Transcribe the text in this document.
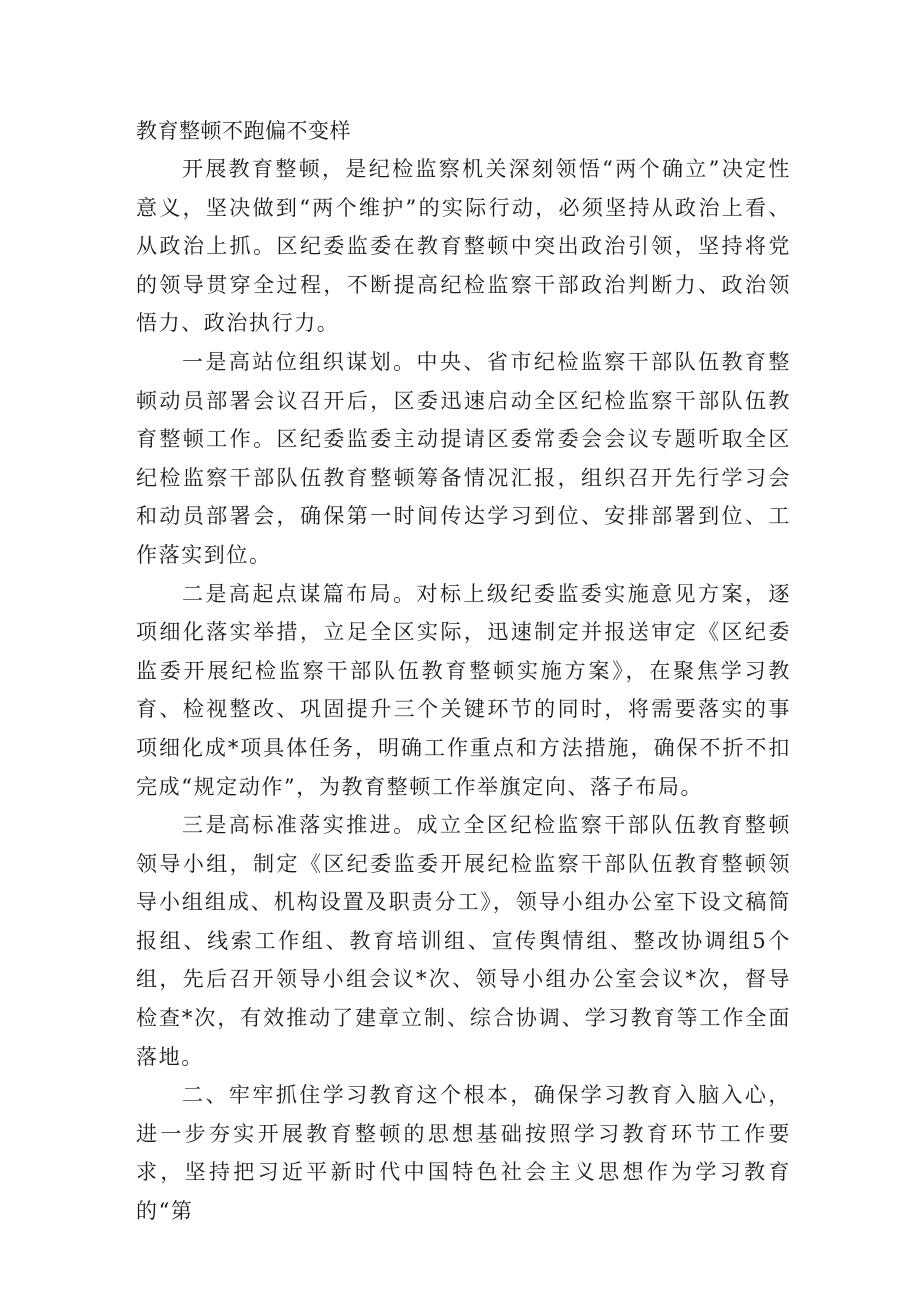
教育整顿不跑偏不变样

开展教育整顿，是纪检监察机关深刻领悟“两个确立”决定性意义，坚决做到“两个维护”的实际行动，必须坚持从政治上看、从政治上抓。区纪委监委在教育整顿中突出政治引领，坚持将党的领导贯穿全过程，不断提高纪检监察干部政治判断力、政治领悟力、政治执行力。

一是高站位组织谋划。中央、省市纪检监察干部队伍教育整顿动员部署会议召开后，区委迅速启动全区纪检监察干部队伍教育整顿工作。区纪委监委主动提请区委常委会会议专题听取全区纪检监察干部队伍教育整顿筹备情况汇报，组织召开先行学习会和动员部署会，确保第一时间传达学习到位、安排部署到位、工作落实到位。

二是高起点谋篇布局。对标上级纪委监委实施意见方案，逐项细化落实举措，立足全区实际，迅速制定并报送审定《区纪委监委开展纪检监察干部队伍教育整顿实施方案》，在聚焦学习教育、检视整改、巩固提升三个关键环节的同时，将需要落实的事项细化成*项具体任务，明确工作重点和方法措施，确保不折不扣完成“规定动作”，为教育整顿工作举旗定向、落子布局。

三是高标准落实推进。成立全区纪检监察干部队伍教育整顿领导小组，制定《区纪委监委开展纪检监察干部队伍教育整顿领导小组组成、机构设置及职责分工》，领导小组办公室下设文稿简报组、线索工作组、教育培训组、宣传舆情组、整改协调组5个组，先后召开领导小组会议*次、领导小组办公室会议*次，督导检查*次，有效推动了建章立制、综合协调、学习教育等工作全面落地。

二、牢牢抓住学习教育这个根本，确保学习教育入脑入心，进一步夯实开展教育整顿的思想基础按照学习教育环节工作要求，坚持把习近平新时代中国特色社会主义思想作为学习教育的“第
